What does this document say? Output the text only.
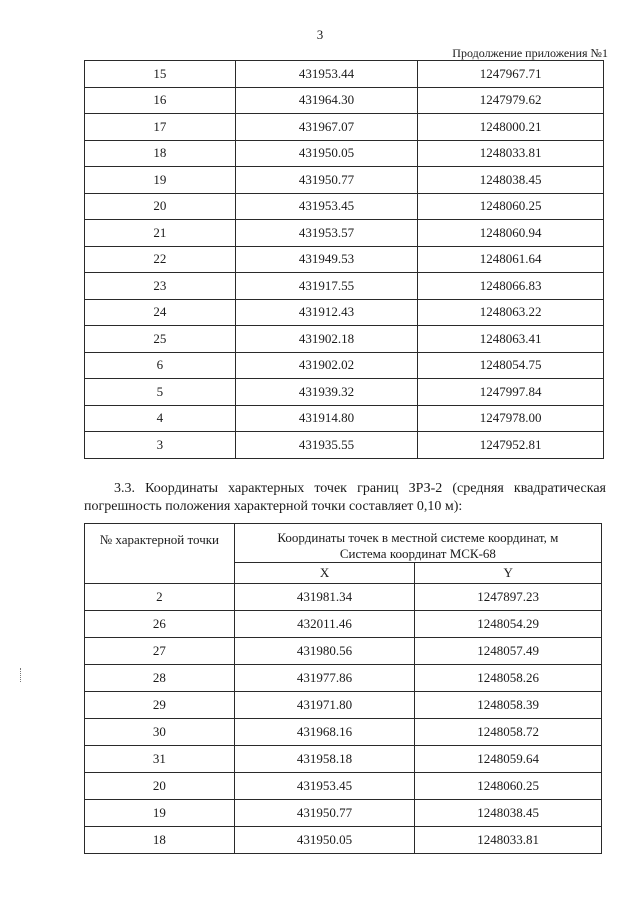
3
Продолжение приложения №1
15	431953.44	1247967.71
16	431964.30	1247979.62
17	431967.07	1248000.21
18	431950.05	1248033.81
19	431950.77	1248038.45
20	431953.45	1248060.25
21	431953.57	1248060.94
22	431949.53	1248061.64
23	431917.55	1248066.83
24	431912.43	1248063.22
25	431902.18	1248063.41
6	431902.02	1248054.75
5	431939.32	1247997.84
4	431914.80	1247978.00
3	431935.55	1247952.81
3.3. Координаты характерных точек границ ЗРЗ-2 (средняя квадратическая погрешность положения характерной точки составляет 0,10 м):
№ характерной точки	Координаты точек в местной системе координат, м
Система координат МСК-68	

	X	Y
2	431981.34	1247897.23
26	432011.46	1248054.29
27	431980.56	1248057.49
28	431977.86	1248058.26
29	431971.80	1248058.39
30	431968.16	1248058.72
31	431958.18	1248059.64
20	431953.45	1248060.25
19	431950.77	1248038.45
18	431950.05	1248033.81
